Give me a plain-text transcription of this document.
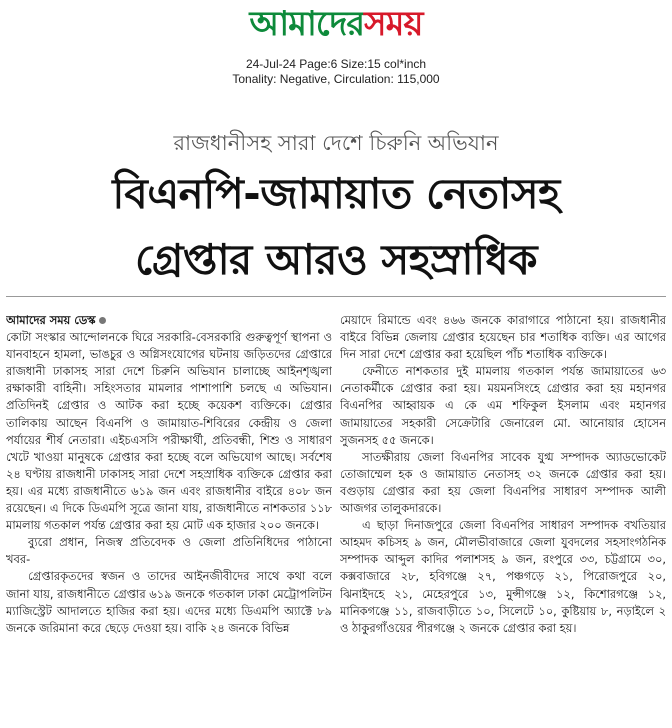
আমাদেরসময়
24-Jul-24 Page:6 Size:15 col*inch
Tonality: Negative, Circulation: 115,000
রাজধানীসহ সারা দেশে চিরুনি অভিযান
বিএনপি-জামায়াত নেতাসহ
গ্রেপ্তার আরও সহস্রাধিক

আমাদের সময় ডেস্ক

কোটা সংস্কার আন্দোলনকে ঘিরে সরকারি-বেসরকারি গুরুত্বপূর্ণ স্থাপনা ও যানবাহনে হামলা, ভাঙচুর ও অগ্নিসংযোগের ঘটনায় জড়িতদের গ্রেপ্তারে রাজধানী ঢাকাসহ সারা দেশে চিরুনি অভিযান চালাচ্ছে আইনশৃঙ্খলা রক্ষাকারী বাহিনী। সহিংসতার মামলার পাশাপাশি চলছে এ অভিযান। প্রতিদিনই গ্রেপ্তার ও আটক করা হচ্ছে কয়েকশ ব্যক্তিকে। গ্রেপ্তার তালিকায় আছেন বিএনপি ও জামায়াত-শিবিরের কেন্দ্রীয় ও জেলা পর্যায়ের শীর্ষ নেতারা। এইচএসসি পরীক্ষার্থী, প্রতিবন্ধী, শিশু ও সাধারণ খেটে খাওয়া মানুষকে গ্রেপ্তার করা হচ্ছে বলে অভিযোগ আছে। সর্বশেষ ২৪ ঘণ্টায় রাজধানী ঢাকাসহ সারা দেশে সহস্রাধিক ব্যক্তিকে গ্রেপ্তার করা হয়। এর মধ্যে রাজধানীতে ৬১৯ জন এবং রাজধানীর বাইরে ৪০৮ জন রয়েছেন। এ দিকে ডিএমপি সূত্রে জানা যায়, রাজধানীতে নাশকতার ১১৮ মামলায় গতকাল পর্যন্ত গ্রেপ্তার করা হয় মোট এক হাজার ২০০ জনকে।

ব্যুরো প্রধান, নিজস্ব প্রতিবেদক ও জেলা প্রতিনিধিদের পাঠানো খবর-

গ্রেপ্তারকৃতদের স্বজন ও তাদের আইনজীবীদের সাথে কথা বলে জানা যায়, রাজধানীতে গ্রেপ্তার ৬১৯ জনকে গতকাল ঢাকা মেট্রোপলিটন ম্যাজিস্ট্রেট আদালতে হাজির করা হয়। এদের মধ্যে ডিএমপি অ্যাক্টে ৮৯ জনকে জরিমানা করে ছেড়ে দেওয়া হয়। বাকি ২৪ জনকে বিভিন্ন

মেয়াদে রিমান্ডে এবং ৪৬৬ জনকে কারাগারে পাঠানো হয়। রাজধানীর বাইরে বিভিন্ন জেলায় গ্রেপ্তার হয়েছেন চার শতাধিক ব্যক্তি। এর আগের দিন সারা দেশে গ্রেপ্তার করা হয়েছিল পাঁচ শতাধিক ব্যক্তিকে।

ফেনীতে নাশকতার দুই মামলায় গতকাল পর্যন্ত জামায়াতের ৬৩ নেতাকর্মীকে গ্রেপ্তার করা হয়। ময়মনসিংহে গ্রেপ্তার করা হয় মহানগর বিএনপির আহ্বায়ক এ কে এম শফিকুল ইসলাম এবং মহানগর জামায়াতের সহকারী সেক্রেটারি জেনারেল মো. আনোয়ার হোসেন সুজনসহ ৫৫ জনকে।

সাতক্ষীরায় জেলা বিএনপির সাবেক যুগ্ম সম্পাদক অ্যাডভোকেট তোজাম্মেল হক ও জামায়াত নেতাসহ ৩২ জনকে গ্রেপ্তার করা হয়। বগুড়ায় গ্রেপ্তার করা হয় জেলা বিএনপির সাধারণ সম্পাদক আলী আজগর তালুকদারকে।

এ ছাড়া দিনাজপুরে জেলা বিএনপির সাধারণ সম্পাদক বখতিয়ার আহমদ কচিসহ ৯ জন, মৌলভীবাজারে জেলা যুবদলের সহসাংগঠনিক সম্পাদক আব্দুল কাদির পলাশসহ ৯ জন, রংপুরে ৩৩, চট্টগ্রামে ৩০, কক্সবাজারে ২৮, হবিগঞ্জে ২৭, পঞ্চগড়ে ২১, পিরোজপুরে ২০, ঝিনাইদহে ২১, মেহেরপুরে ১৩, মুন্সীগঞ্জে ১২, কিশোরগঞ্জে ১২, মানিকগঞ্জে ১১, রাজবাড়ীতে ১০, সিলেটে ১০, কুষ্টিয়ায় ৮, নড়াইলে ২ ও ঠাকুরগাঁওয়ের পীরগঞ্জে ২ জনকে গ্রেপ্তার করা হয়।
